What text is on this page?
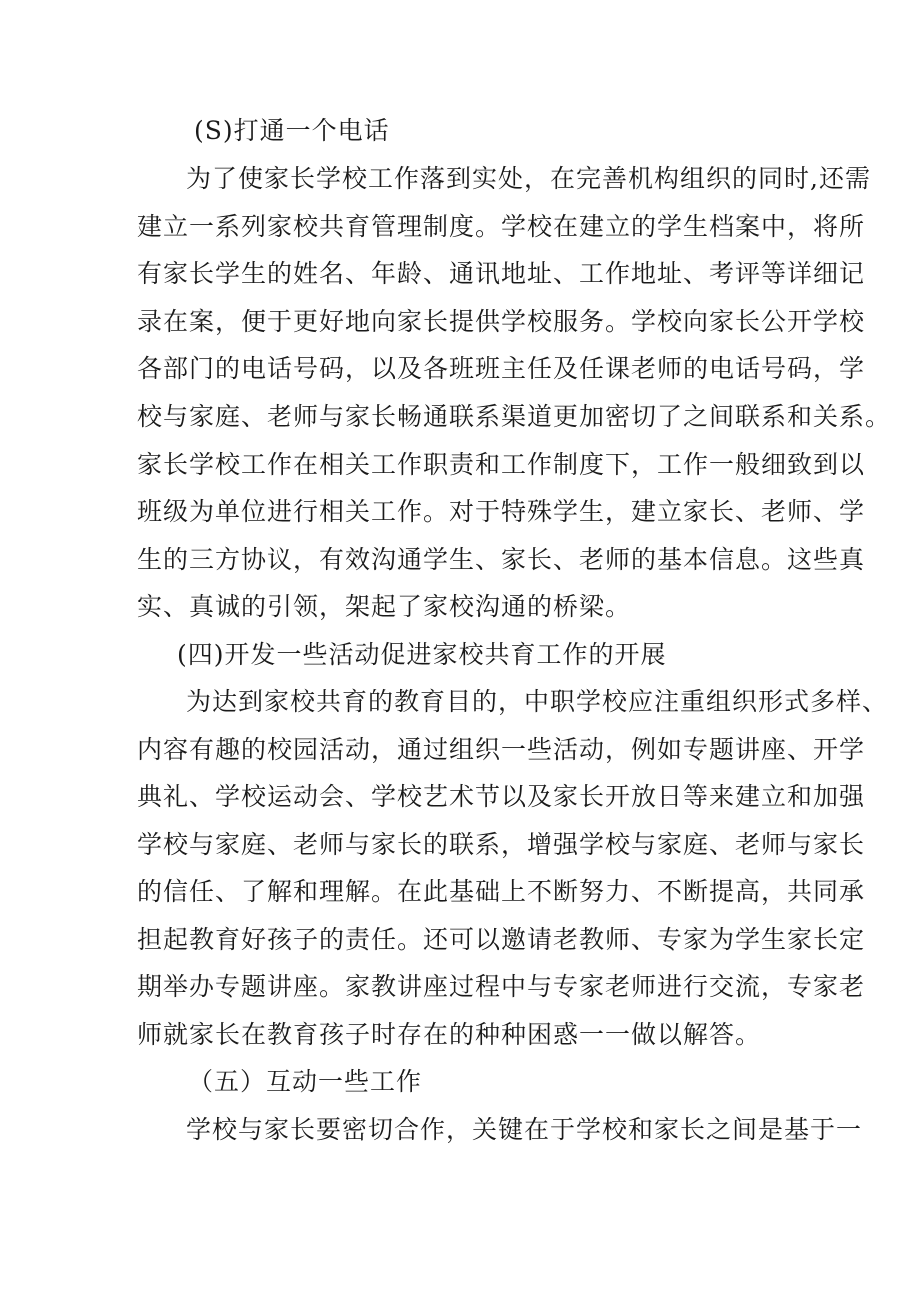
(S)打通一个电话
为了使家长学校工作落到实处，在完善机构组织的同时,还需
建立一系列家校共育管理制度。学校在建立的学生档案中，将所
有家长学生的姓名、年龄、通讯地址、工作地址、考评等详细记
录在案，便于更好地向家长提供学校服务。学校向家长公开学校
各部门的电话号码，以及各班班主任及任课老师的电话号码，学
校与家庭、老师与家长畅通联系渠道更加密切了之间联系和关系。
家长学校工作在相关工作职责和工作制度下，工作一般细致到以
班级为单位进行相关工作。对于特殊学生，建立家长、老师、学
生的三方协议，有效沟通学生、家长、老师的基本信息。这些真
实、真诚的引领，架起了家校沟通的桥梁。
(四)开发一些活动促进家校共育工作的开展
为达到家校共育的教育目的，中职学校应注重组织形式多样、
内容有趣的校园活动，通过组织一些活动，例如专题讲座、开学
典礼、学校运动会、学校艺术节以及家长开放日等来建立和加强
学校与家庭、老师与家长的联系，增强学校与家庭、老师与家长
的信任、了解和理解。在此基础上不断努力、不断提高，共同承
担起教育好孩子的责任。还可以邀请老教师、专家为学生家长定
期举办专题讲座。家教讲座过程中与专家老师进行交流，专家老
师就家长在教育孩子时存在的种种困惑一一做以解答。
（五）互动一些工作
学校与家长要密切合作，关键在于学校和家长之间是基于一
